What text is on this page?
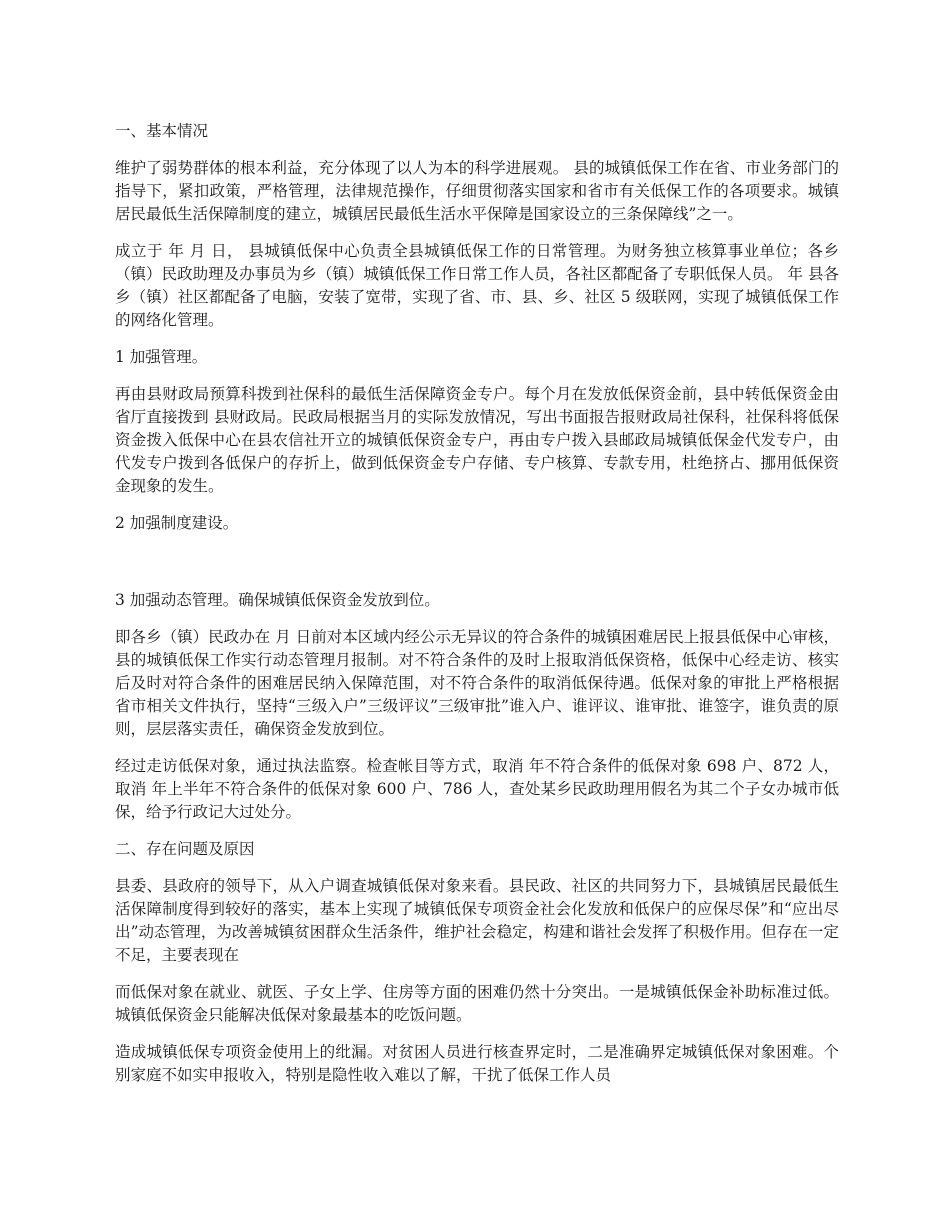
一、基本情况
维护了弱势群体的根本利益，充分体现了以人为本的科学进展观。 县的城镇低保工作在省、市业务部门的指导下，紧扣政策，严格管理，法律规范操作，仔细贯彻落实国家和省市有关低保工作的各项要求。城镇居民最低生活保障制度的建立，城镇居民最低生活水平保障是国家设立的三条保障线”之一。
成立于 年 月 日， 县城镇低保中心负责全县城镇低保工作的日常管理。为财务独立核算事业单位；各乡（镇）民政助理及办事员为乡（镇）城镇低保工作日常工作人员，各社区都配备了专职低保人员。 年 县各乡（镇）社区都配备了电脑，安装了宽带，实现了省、市、县、乡、社区 5 级联网，实现了城镇低保工作的网络化管理。
1 加强管理。
再由县财政局预算科拨到社保科的最低生活保障资金专户。每个月在发放低保资金前，县中转低保资金由省厅直接拨到 县财政局。民政局根据当月的实际发放情况，写出书面报告报财政局社保科，社保科将低保资金拨入低保中心在县农信社开立的城镇低保资金专户，再由专户拨入县邮政局城镇低保金代发专户，由代发专户拨到各低保户的存折上，做到低保资金专户存储、专户核算、专款专用，杜绝挤占、挪用低保资金现象的发生。
2 加强制度建设。
3 加强动态管理。确保城镇低保资金发放到位。
即各乡（镇）民政办在 月 日前对本区域内经公示无异议的符合条件的城镇困难居民上报县低保中心审核， 县的城镇低保工作实行动态管理月报制。对不符合条件的及时上报取消低保资格，低保中心经走访、核实后及时对符合条件的困难居民纳入保障范围，对不符合条件的取消低保待遇。低保对象的审批上严格根据省市相关文件执行，坚持“三级入户”三级评议”三级审批”谁入户、谁评议、谁审批、谁签字，谁负责的原则，层层落实责任，确保资金发放到位。
经过走访低保对象，通过执法监察。检查帐目等方式，取消 年不符合条件的低保对象 698 户、872 人，取消 年上半年不符合条件的低保对象 600 户、786 人，查处某乡民政助理用假名为其二个子女办城市低保，给予行政记大过处分。
二、存在问题及原因
县委、县政府的领导下，从入户调查城镇低保对象来看。县民政、社区的共同努力下，县城镇居民最低生活保障制度得到较好的落实，基本上实现了城镇低保专项资金社会化发放和低保户的应保尽保”和“应出尽出”动态管理，为改善城镇贫困群众生活条件，维护社会稳定，构建和谐社会发挥了积极作用。但存在一定不足，主要表现在
而低保对象在就业、就医、子女上学、住房等方面的困难仍然十分突出。一是城镇低保金补助标准过低。城镇低保资金只能解决低保对象最基本的吃饭问题。
造成城镇低保专项资金使用上的纰漏。对贫困人员进行核查界定时，二是准确界定城镇低保对象困难。个别家庭不如实申报收入，特别是隐性收入难以了解，干扰了低保工作人员
